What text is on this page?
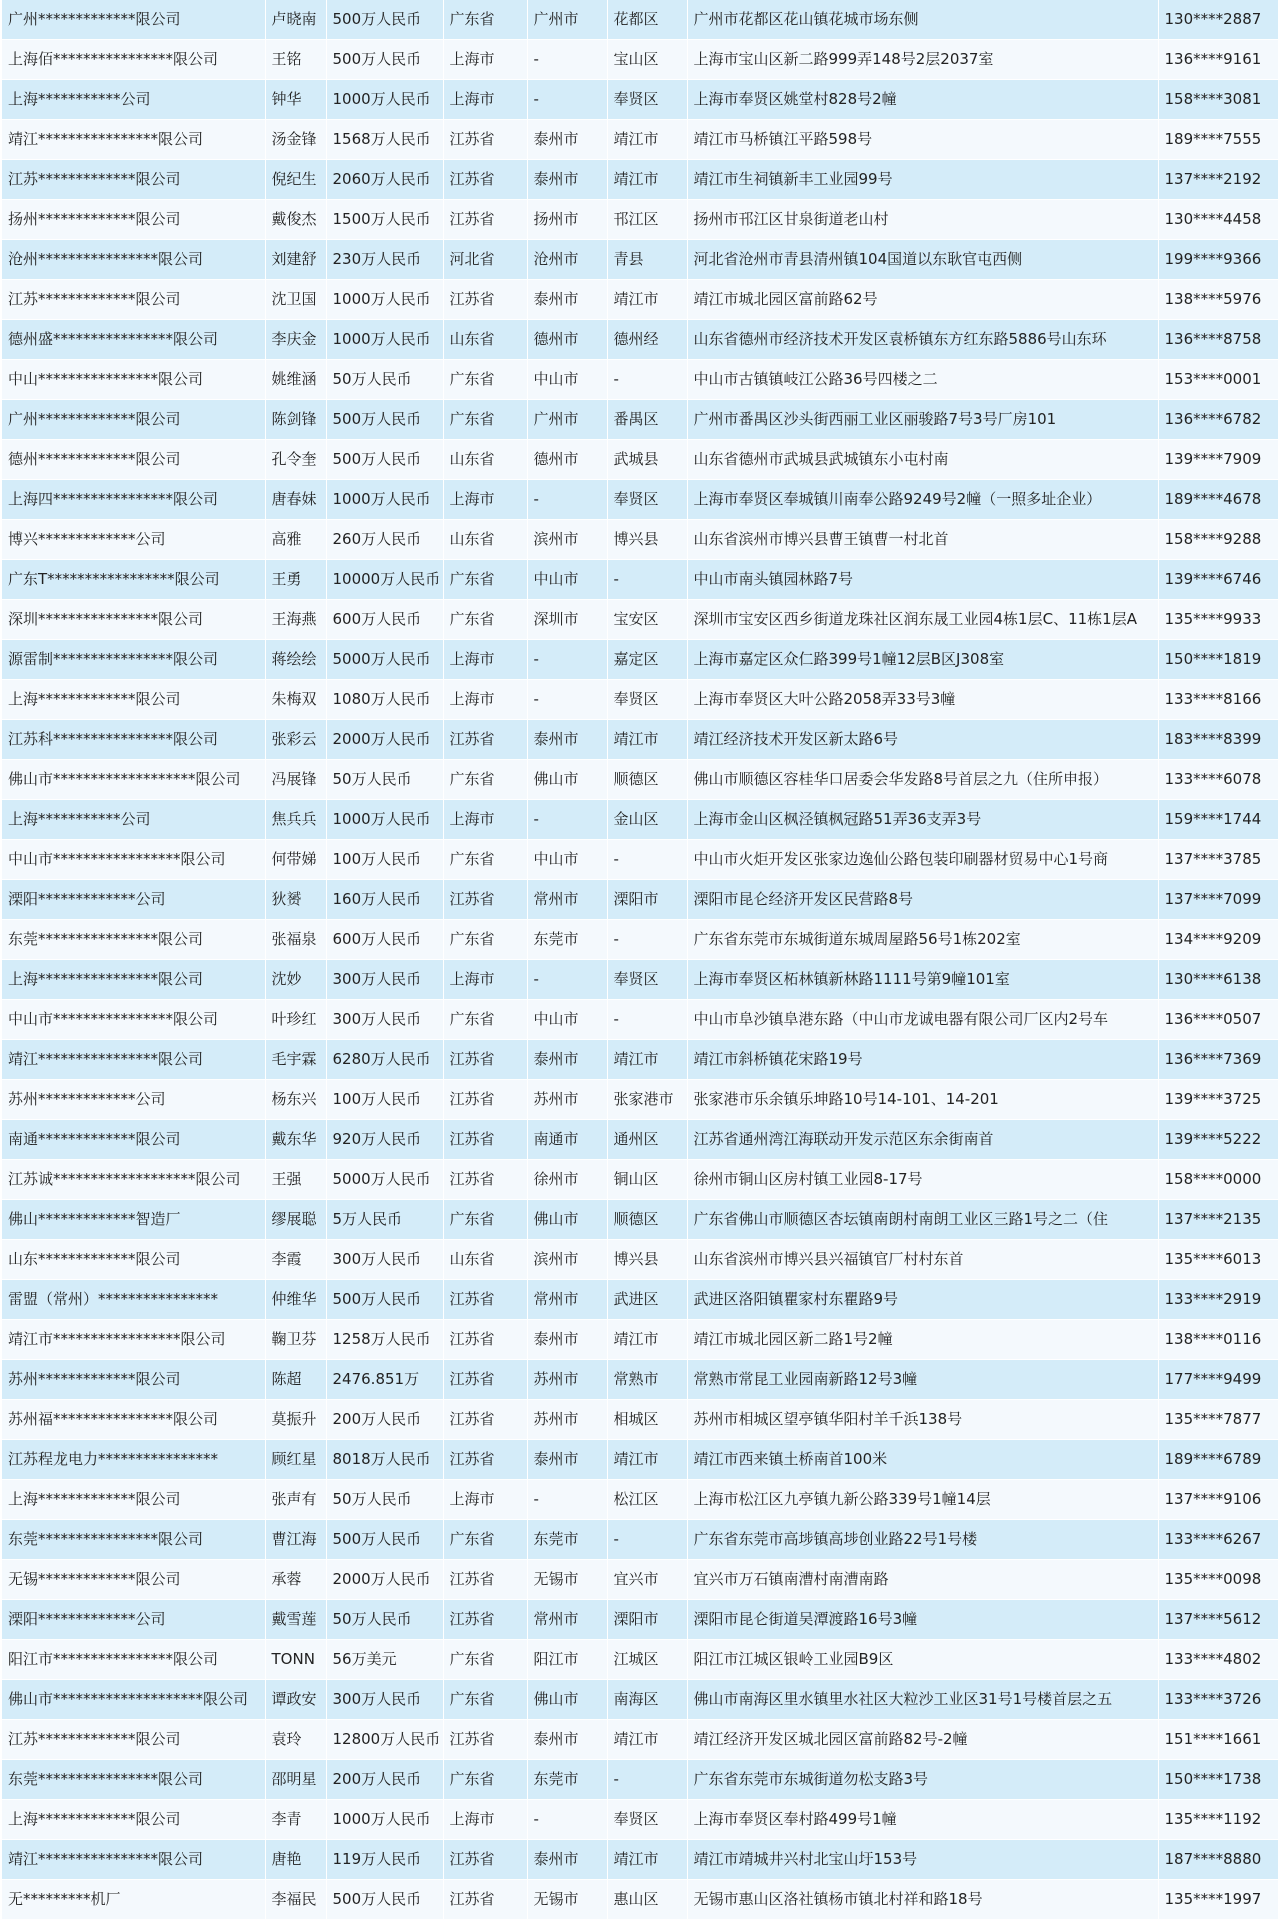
广州*************限公司	卢晓南	500万人民币	广东省	广州市	花都区	广州市花都区花山镇花城市场东侧	130****2887
上海佰****************限公司	王铭	500万人民币	上海市	-	宝山区	上海市宝山区新二路999弄148号2层2037室	136****9161
上海***********公司	钟华	1000万人民币	上海市	-	奉贤区	上海市奉贤区姚堂村828号2幢	158****3081
靖江****************限公司	汤金锋	1568万人民币	江苏省	泰州市	靖江市	靖江市马桥镇江平路598号	189****7555
江苏*************限公司	倪纪生	2060万人民币	江苏省	泰州市	靖江市	靖江市生祠镇新丰工业园99号	137****2192
扬州*************限公司	戴俊杰	1500万人民币	江苏省	扬州市	邗江区	扬州市邗江区甘泉街道老山村	130****4458
沧州****************限公司	刘建舒	230万人民币	河北省	沧州市	青县	河北省沧州市青县清州镇104国道以东耿官屯西侧	199****9366
江苏*************限公司	沈卫国	1000万人民币	江苏省	泰州市	靖江市	靖江市城北园区富前路62号	138****5976
德州盛****************限公司	李庆金	1000万人民币	山东省	德州市	德州经	山东省德州市经济技术开发区袁桥镇东方红东路5886号山东环	136****8758
中山****************限公司	姚维涵	50万人民币	广东省	中山市	-	中山市古镇镇岐江公路36号四楼之二	153****0001
广州*************限公司	陈剑锋	500万人民币	广东省	广州市	番禺区	广州市番禺区沙头街西丽工业区丽骏路7号3号厂房101	136****6782
德州*************限公司	孔令奎	500万人民币	山东省	德州市	武城县	山东省德州市武城县武城镇东小屯村南	139****7909
上海四****************限公司	唐春妹	1000万人民币	上海市	-	奉贤区	上海市奉贤区奉城镇川南奉公路9249号2幢（一照多址企业）	189****4678
博兴*************公司	高雅	260万人民币	山东省	滨州市	博兴县	山东省滨州市博兴县曹王镇曹一村北首	158****9288
广东T*****************限公司	王勇	10000万人民币	广东省	中山市	-	中山市南头镇园林路7号	139****6746
深圳****************限公司	王海燕	600万人民币	广东省	深圳市	宝安区	深圳市宝安区西乡街道龙珠社区润东晟工业园4栋1层C、11栋1层A	135****9933
源雷制****************限公司	蒋绘绘	5000万人民币	上海市	-	嘉定区	上海市嘉定区众仁路399号1幢12层B区J308室	150****1819
上海*************限公司	朱梅双	1080万人民币	上海市	-	奉贤区	上海市奉贤区大叶公路2058弄33号3幢	133****8166
江苏科****************限公司	张彩云	2000万人民币	江苏省	泰州市	靖江市	靖江经济技术开发区新太路6号	183****8399
佛山市*******************限公司	冯展锋	50万人民币	广东省	佛山市	顺德区	佛山市顺德区容桂华口居委会华发路8号首层之九（住所申报）	133****6078
上海***********公司	焦兵兵	1000万人民币	上海市	-	金山区	上海市金山区枫泾镇枫冠路51弄36支弄3号	159****1744
中山市*****************限公司	何带娣	100万人民币	广东省	中山市	-	中山市火炬开发区张家边逸仙公路包装印刷器材贸易中心1号商	137****3785
溧阳*************公司	狄赟	160万人民币	江苏省	常州市	溧阳市	溧阳市昆仑经济开发区民营路8号	137****7099
东莞****************限公司	张福泉	600万人民币	广东省	东莞市	-	广东省东莞市东城街道东城周屋路56号1栋202室	134****9209
上海****************限公司	沈妙	300万人民币	上海市	-	奉贤区	上海市奉贤区柘林镇新林路1111号第9幢101室	130****6138
中山市****************限公司	叶珍红	300万人民币	广东省	中山市	-	中山市阜沙镇阜港东路（中山市龙诚电器有限公司厂区内2号车	136****0507
靖江****************限公司	毛宇霖	6280万人民币	江苏省	泰州市	靖江市	靖江市斜桥镇花宋路19号	136****7369
苏州*************公司	杨东兴	100万人民币	江苏省	苏州市	张家港市	张家港市乐余镇乐坤路10号14-101、14-201	139****3725
南通*************限公司	戴东华	920万人民币	江苏省	南通市	通州区	江苏省通州湾江海联动开发示范区东余街南首	139****5222
江苏诚*******************限公司	王强	5000万人民币	江苏省	徐州市	铜山区	徐州市铜山区房村镇工业园8-17号	158****0000
佛山*************智造厂	缪展聪	5万人民币	广东省	佛山市	顺德区	广东省佛山市顺德区杏坛镇南朗村南朗工业区三路1号之二（住	137****2135
山东*************限公司	李霞	300万人民币	山东省	滨州市	博兴县	山东省滨州市博兴县兴福镇官厂村村东首	135****6013
雷盟（常州）****************	仲维华	500万人民币	江苏省	常州市	武进区	武进区洛阳镇瞿家村东瞿路9号	133****2919
靖江市*****************限公司	鞠卫芬	1258万人民币	江苏省	泰州市	靖江市	靖江市城北园区新二路1号2幢	138****0116
苏州*************限公司	陈超	2476.851万	江苏省	苏州市	常熟市	常熟市常昆工业园南新路12号3幢	177****9499
苏州福****************限公司	莫振升	200万人民币	江苏省	苏州市	相城区	苏州市相城区望亭镇华阳村羊千浜138号	135****7877
江苏程龙电力****************	顾红星	8018万人民币	江苏省	泰州市	靖江市	靖江市西来镇土桥南首100米	189****6789
上海*************限公司	张声有	50万人民币	上海市	-	松江区	上海市松江区九亭镇九新公路339号1幢14层	137****9106
东莞****************限公司	曹江海	500万人民币	广东省	东莞市	-	广东省东莞市高埗镇高埗创业路22号1号楼	133****6267
无锡*************限公司	承蓉	2000万人民币	江苏省	无锡市	宜兴市	宜兴市万石镇南漕村南漕南路	135****0098
溧阳*************公司	戴雪莲	50万人民币	江苏省	常州市	溧阳市	溧阳市昆仑街道吴潭渡路16号3幢	137****5612
阳江市****************限公司	TONN	56万美元	广东省	阳江市	江城区	阳江市江城区银岭工业园B9区	133****4802
佛山市********************限公司	谭政安	300万人民币	广东省	佛山市	南海区	佛山市南海区里水镇里水社区大粒沙工业区31号1号楼首层之五	133****3726
江苏*************限公司	袁玲	12800万人民币	江苏省	泰州市	靖江市	靖江经济开发区城北园区富前路82号-2幢	151****1661
东莞****************限公司	邵明星	200万人民币	广东省	东莞市	-	广东省东莞市东城街道勿松支路3号	150****1738
上海*************限公司	李青	1000万人民币	上海市	-	奉贤区	上海市奉贤区奉村路499号1幢	135****1192
靖江****************限公司	唐艳	119万人民币	江苏省	泰州市	靖江市	靖江市靖城井兴村北宝山圩153号	187****8880
无*********机厂	李福民	500万人民币	江苏省	无锡市	惠山区	无锡市惠山区洛社镇杨市镇北村祥和路18号	135****1997
